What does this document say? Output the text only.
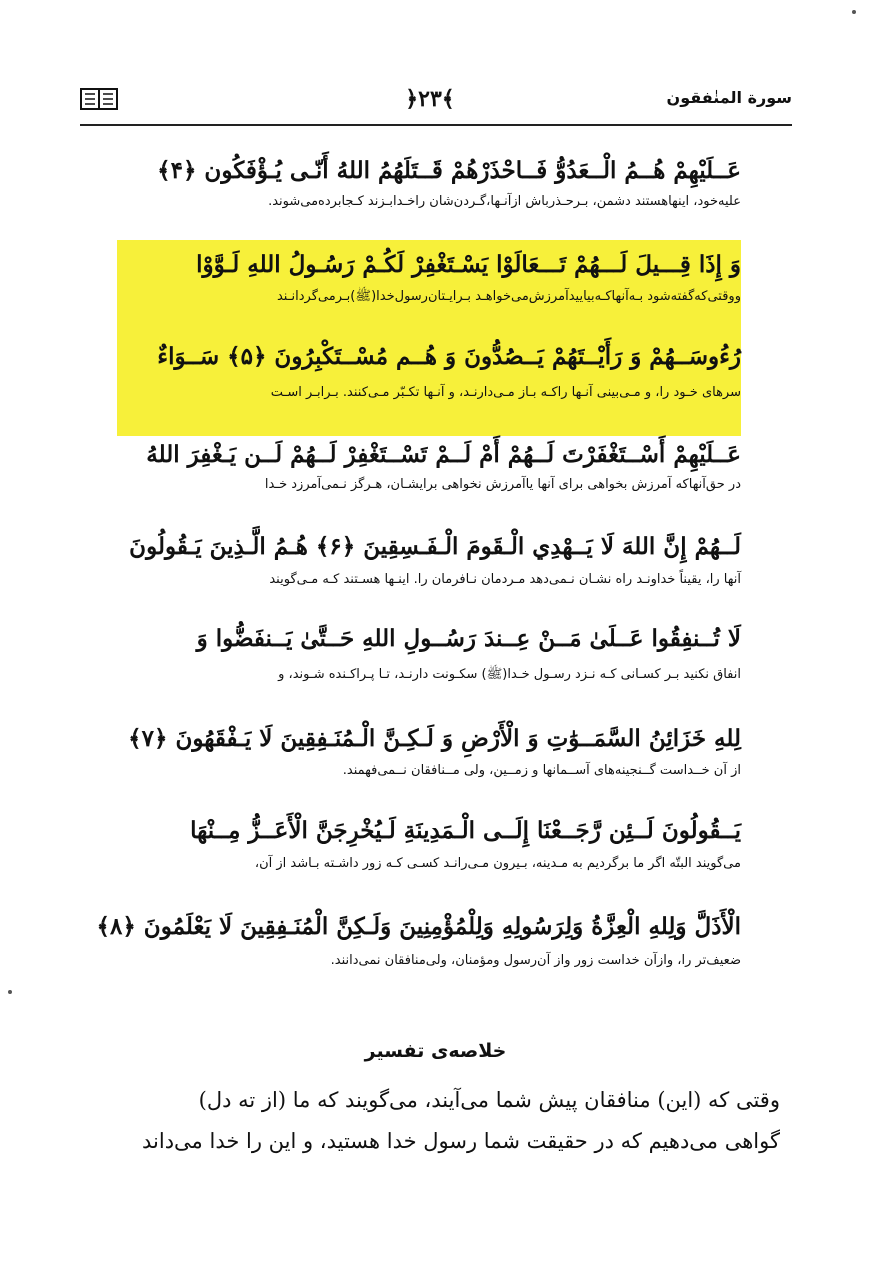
﴿۲۳﴾	سورة المنٰفقون
عَــلَيْهِمْ هُــمُ الْــعَدُوُّ فَــاحْذَرْهُمْ قَــتَلَهُمُ اللهُ أَنّـى يُـؤْفَكُون ﴿۴﴾
علیه‌خود، اینهاهستند دشمن، بـرحـذرباش ازآنـها،گـردن‌شان راخـدابـزند کـجابرده‌می‌شوند.
وَ إِذَا قِـــيلَ لَـــهُمْ تَـــعَالَوْا يَسْـتَغْفِرْ لَكُـمْ رَسُـولُ اللهِ لَـوَّوْا
ووقتی‌که‌گفته‌شود بـه‌آنهاکـه‌بیاییدآمرزش‌می‌خواهـد بـرایـتان‌رسول‌خدا(ﷺ)بـرمی‌گردانـند
رُءُوسَــهُمْ وَ رَأَيْــتَهُمْ يَــصُدُّونَ وَ هُــم مُسْــتَكْبِرُونَ ﴿۵﴾ سَــوَاءٌ
سرهای خـود را، و مـی‌بینی آنـها را‌کـه بـاز مـی‌دارنـد، و آنـها تکـبّر مـی‌کنند. بـرابـر اسـت
عَــلَيْهِمْ أَسْــتَغْفَرْتَ لَــهُمْ أَمْ لَــمْ تَسْــتَغْفِرْ لَــهُمْ لَــن يَـغْفِرَ اللهُ
در حق‌آنهاکه آمرزش بخواهی برای آنها یاآمرزش نخواهی برایشـان، هـرگز نـمی‌آمرزد خـدا
لَــهُمْ إِنَّ اللهَ لَا يَــهْدِي الْـقَومَ الْـفَـسِقِينَ ﴿۶﴾ هُـمُ الَّـذِينَ يَـقُولُونَ
آنها را، یقیناً خداونـد راه نشـان نـمی‌دهد مـردمان نـافرمان را. اینـها هسـتند کـه مـی‌گویند
لَا تُــنفِقُوا عَــلَىٰ مَــنْ عِــندَ رَسُــولِ اللهِ حَــتَّىٰ يَــنفَضُّوا وَ
انفاق نکنید بـر کسـانی کـه نـزد رسـول خـدا(ﷺ) سکـونت دارنـد، تـا پـراکـنده شـوند، و
لِلهِ خَزَائِنُ السَّمَــوَٰتِ وَ الْأَرْضِ وَ لَـكِـنَّ الْـمُنَـفِقِينَ لَا يَـفْقَهُونَ ﴿۷﴾
از آن خــداست گــنجینه‌های آســمانها و زمــین، ولی مــنافقان نــمی‌فهمند.
يَــقُولُونَ لَــئِن رَّجَــعْنَا إِلَــى الْـمَدِينَةِ لَـيُخْرِجَنَّ الْأَعَــزُّ مِــنْهَا
می‌گویند البتّه اگر ما برگردیم به مـدینه، بـیرون مـی‌رانـد کسـی کـه زور داشـته بـاشد از آن،
الْأَذَلَّ وَلِلهِ الْعِزَّةُ وَلِرَسُولِهِ وَلِلْمُؤْمِنِينَ وَلَـكِنَّ الْمُنَـفِقِينَ لَا يَعْلَمُونَ ﴿۸﴾
ضعیف‌تر را، وازآن خداست زور واز آن‌رسول ومؤمنان، ولی‌منافقان نمی‌دانند.
خلاصه‌ی تفسیر
وقتی که (این) منافقان پیش شما می‌آیند، می‌گویند که ما (از ته دل)
گواهی می‌دهیم که در حقیقت شما رسول خدا هستید، و این را خدا می‌داند
